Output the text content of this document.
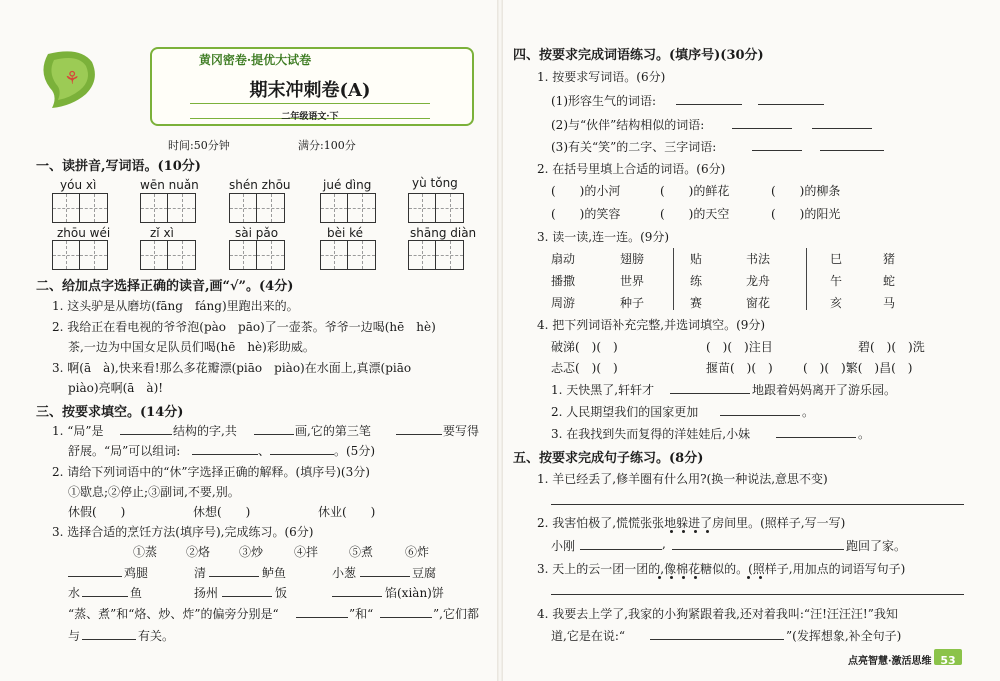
⚘
黄冈密卷·提优大试卷
期末冲刺卷(A)
二年级语文·下
时间:50分钟	满分:100分
一、读拼音,写词语。(10分)
yóu xì	wēn nuǎn	shén zhōu	jué dìng	yù tǒng
zhōu wéi	zǐ xì	sài pǎo	bèi ké	shāng diàn
二、给加点字选择正确的读音,画“√”。(4分)
1. 这头驴是从磨坊(fāng　fáng)里跑出来的。
2. 我给正在看电视的爷爷泡(pào　pāo)了一壶茶。爷爷一边喝(hē　hè)
茶,一边为中国女足队员们喝(hē　hè)彩助威。
3. 啊(ā　à),快来看!那么多花瓣漂(piāo　piào)在水面上,真漂(piāo
piào)亮啊(ā　à)!
三、按要求填空。(14分)
1. “局”是	结构的字,共	画,它的第三笔	要写得
舒展。“局”可以组词:	、	。(5分)
2. 请给下列词语中的“休”字选择正确的解释。(填序号)(3分)
①歇息;②停止;③副词,不要,别。
休假(　　)	休想(　　)	休业(　　)
3. 选择合适的烹饪方法(填序号),完成练习。(6分)
①蒸 ②烙 ③炒	④拌	⑤煮	⑥炸
鸡腿	清	鲈鱼	小葱	豆腐
水	鱼	扬州	饭	馅(xiàn)饼
“蒸、煮”和“烙、炒、炸”的偏旁分别是“	”和“	”,它们都
与	有关。
四、按要求完成词语练习。(填序号)(30分)
1. 按要求写词语。(6分)
(1)形容生气的词语:
(2)与“伙伴”结构相似的词语:
(3)有关“笑”的二字、三字词语:
2. 在括号里填上合适的词语。(6分)
(　　)的小河	(　　)的鲜花	(　　)的柳条
(　　)的笑容	(　　)的天空	(　　)的阳光
3. 读一读,连一连。(9分)
扇动	翅膀
播撒	世界
周游	种子
贴	书法
练	龙舟
赛	窗花
巳	猪
午	蛇
亥	马
4. 把下列词语补充完整,并选词填空。(9分)
破涕(　)(　)	(　)(　)注目	碧(　)(　)洗
忐忑(　)(　)	揠苗(　)(　)	(　)(　)繁(　)昌(　)
1. 天快黑了,轩轩才	地跟着妈妈离开了游乐园。
2. 人民期望我们的国家更加	。
3. 在我找到失而复得的洋娃娃后,小妹	。
五、按要求完成句子练习。(8分)
1. 羊已经丢了,修羊圈有什么用?(换一种说法,意思不变)
2. 我害怕极了,慌慌张张地躲进了房间里。(照样子,写一写)
小刚	,	跑回了家。
3. 天上的云一团一团的,像棉花糖似的。(照样子,用加点的词语写句子)
4. 我要去上学了,我家的小狗紧跟着我,还对着我叫:“汪!汪汪汪!”我知
道,它是在说:“	”(发挥想象,补全句子)
点亮智慧·激活思维 53
